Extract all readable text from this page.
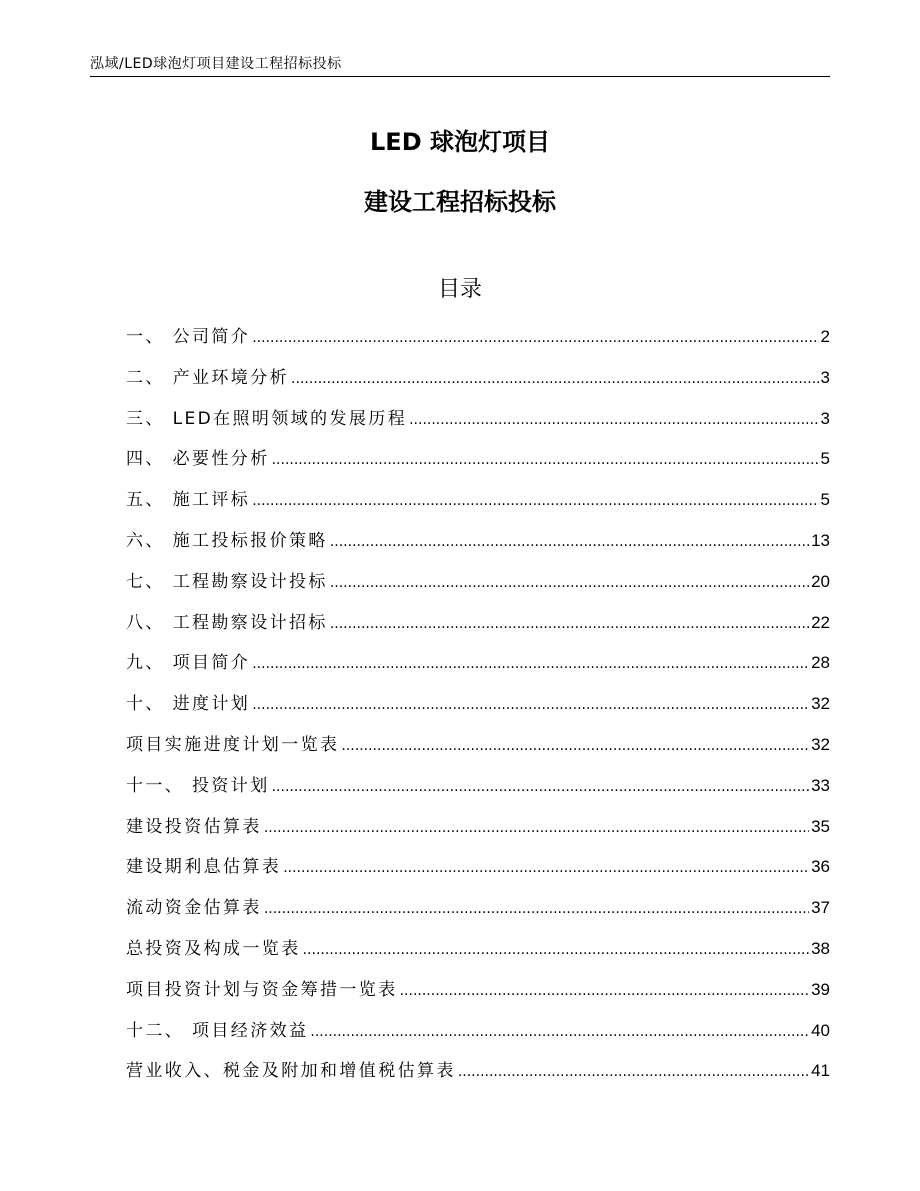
泓域/LED球泡灯项目建设工程招标投标
LED 球泡灯项目
建设工程招标投标
目录
一、 公司简介 .....	2
二、 产业环境分析 .....	3
三、 LED在照明领域的发展历程 .....	3
四、 必要性分析 .....	5
五、 施工评标 .....	5
六、 施工投标报价策略 .....	13
七、 工程勘察设计投标 .....	20
八、 工程勘察设计招标 .....	22
九、 项目简介 .....	28
十、 进度计划 .....	32
项目实施进度计划一览表 .....	32
十一、 投资计划 .....	33
建设投资估算表 .....	35
建设期利息估算表 .....	36
流动资金估算表 .....	37
总投资及构成一览表 .....	38
项目投资计划与资金筹措一览表 .....	39
十二、 项目经济效益 .....	40
营业收入、税金及附加和增值税估算表 .....	41
